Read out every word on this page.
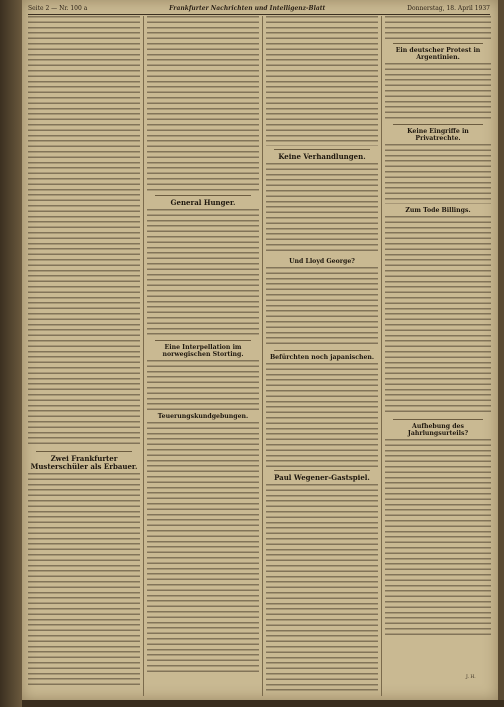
Seite 2 — Nr. 100 a	Frankfurter Nachrichten und Intelligenz-Blatt	Donnerstag, 18. April 1937
Zwei Frankfurter Musterschüler als Erbauer.
General Hunger.
Eine Interpellation im norwegischen Storting.
Teuerungskundgebungen.
Keine Verhandlungen.
Und Lloyd George?
Befürchten noch japanischen.
Paul Wegener-Gastspiel.
Ein deutscher Protest in Argentinien.
Keine Eingriffe in Privatrechte.
Zum Tode Billings.
Aufhebung des Jahrlungsurteils?
J. H.
